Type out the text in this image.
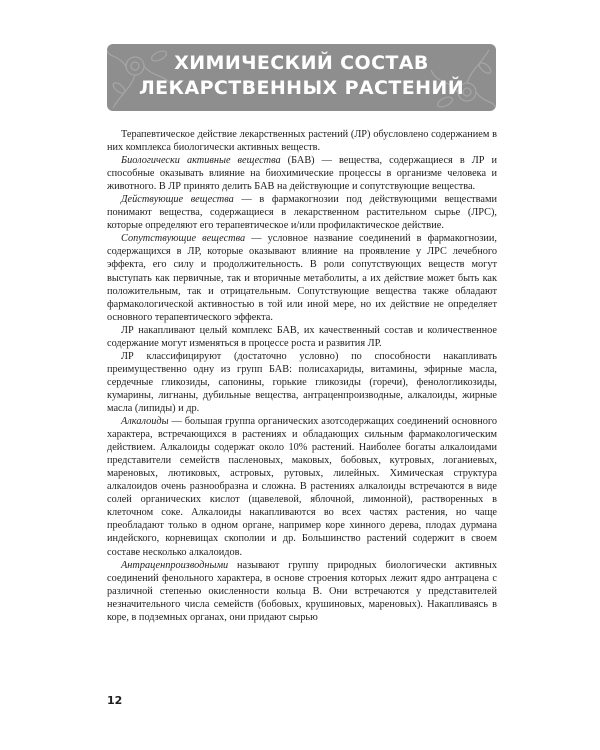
ХИМИЧЕСКИЙ СОСТАВ
ЛЕКАРСТВЕННЫХ РАСТЕНИЙ

Терапевтическое действие лекарственных растений (ЛР) обусловлено содержанием в них комплекса биологически активных веществ.

Биологически активные вещества (БАВ) — вещества, содержащиеся в ЛР и способные оказывать влияние на биохимические процессы в организме человека и животного. В ЛР принято делить БАВ на действующие и сопутствующие вещества.

Действующие вещества — в фармакогнозии под действующими веществами понимают вещества, содержащиеся в лекарственном растительном сырье (ЛРС), которые определяют его терапевтическое и/или профилактическое действие.

Сопутствующие вещества — условное название соединений в фармакогнозии, содержащихся в ЛР, которые оказывают влияние на проявление у ЛРС лечебного эффекта, его силу и продолжительность. В роли сопутствующих веществ могут выступать как первичные, так и вторичные метаболиты, а их действие может быть как положительным, так и отрицательным. Сопутствующие вещества также обладают фармакологической активностью в той или иной мере, но их действие не определяет основного терапевтического эффекта.

ЛР накапливают целый комплекс БАВ, их качественный состав и количественное содержание могут изменяться в процессе роста и развития ЛР.

ЛР классифицируют (достаточно условно) по способности накапливать преимущественно одну из групп БАВ: полисахариды, витамины, эфирные масла, сердечные гликозиды, сапонины, горькие гликозиды (горечи), фенологликозиды, кумарины, лигнаны, дубильные вещества, антраценпроизводные, алкалоиды, жирные масла (липиды) и др.

Алкалоиды — большая группа органических азотсодержащих соединений основного характера, встречающихся в растениях и обладающих сильным фармакологическим действием. Алкалоиды содержат около 10% растений. Наиболее богаты алкалоидами представители семейств пасленовых, маковых, бобовых, кутровых, логаниевых, мареновых, лютиковых, астровых, рутовых, лилейных. Химическая структура алкалоидов очень разнообразна и сложна. В растениях алкалоиды встречаются в виде солей органических кислот (щавелевой, яблочной, лимонной), растворенных в клеточном соке. Алкалоиды накапливаются во всех частях растения, но чаще преобладают только в одном органе, например коре хинного дерева, плодах дурмана индейского, корневищах скополии и др. Большинство растений содержит в своем составе несколько алкалоидов.

Антраценпроизводными называют группу природных биологически активных соединений фенольного характера, в основе строения которых лежит ядро антрацена с различной степенью окисленности кольца В. Они встречаются у представителей незначительного числа семейств (бобовых, крушиновых, мареновых). Накапливаясь в коре, в подземных органах, они придают сырью

12
